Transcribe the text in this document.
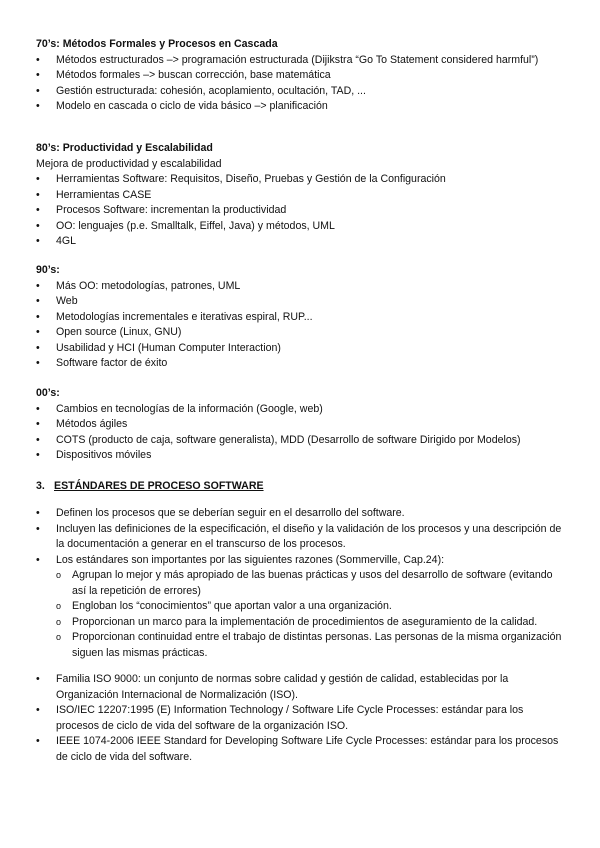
70’s: Métodos Formales y Procesos en Cascada
• Métodos estructurados –> programación estructurada (Dijikstra “Go To Statement considered harmful”)
• Métodos formales –> buscan corrección, base matemática
• Gestión estructurada: cohesión, acoplamiento, ocultación, TAD, ...
• Modelo en cascada o ciclo de vida básico –> planificación
80’s: Productividad y Escalabilidad
Mejora de productividad y escalabilidad
• Herramientas Software: Requisitos, Diseño, Pruebas y Gestión de la Configuración
• Herramientas CASE
• Procesos Software: incrementan la productividad
• OO: lenguajes (p.e. Smalltalk, Eiffel, Java) y métodos, UML
• 4GL
90’s:
• Más OO: metodologías, patrones, UML
• Web
• Metodologías incrementales e iterativas espiral, RUP...
• Open source (Linux, GNU)
• Usabilidad y HCI (Human Computer Interaction)
• Software factor de éxito
00’s:
• Cambios en tecnologías de la información (Google, web)
• Métodos ágiles
• COTS (producto de caja, software generalista), MDD (Desarrollo de software Dirigido por Modelos)
• Dispositivos móviles
3. ESTÁNDARES DE PROCESO SOFTWARE
• Definen los procesos que se deberían seguir en el desarrollo del software.
• Incluyen las definiciones de la especificación, el diseño y la validación de los procesos y una descripción de la documentación a generar en el transcurso de los procesos.
• Los estándares son importantes por las siguientes razones (Sommerville, Cap.24):
o Agrupan lo mejor y más apropiado de las buenas prácticas y usos del desarrollo de software (evitando así la repetición de errores)
o Engloban los “conocimientos” que aportan valor a una organización.
o Proporcionan un marco para la implementación de procedimientos de aseguramiento de la calidad.
o Proporcionan continuidad entre el trabajo de distintas personas. Las personas de la misma organización siguen las mismas prácticas.
• Familia ISO 9000: un conjunto de normas sobre calidad y gestión de calidad, establecidas por la Organización Internacional de Normalización (ISO).
• ISO/IEC 12207:1995 (E) Information Technology / Software Life Cycle Processes: estándar para los procesos de ciclo de vida del software de la organización ISO.
• IEEE 1074-2006 IEEE Standard for Developing Software Life Cycle Processes: estándar para los procesos de ciclo de vida del software.
